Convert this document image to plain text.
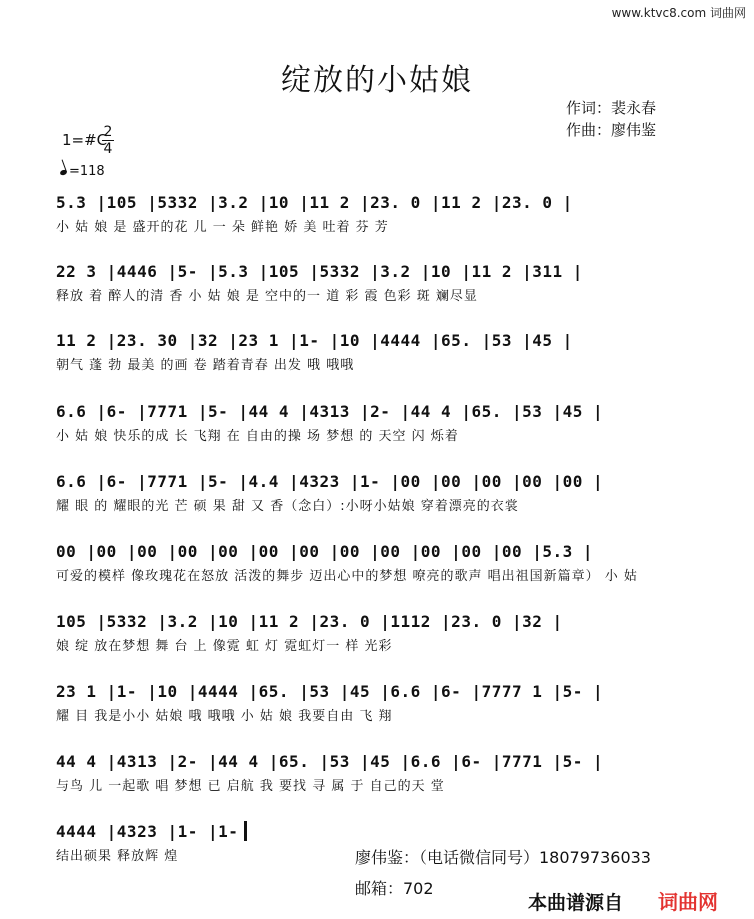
www.ktvc8.com 词曲网
绽放的小姑娘
作词：裴永春
作曲：廖伟鉴
1=#C
$\frac{2}{4}$
=118
5.3 |105 |5332 |3.2 |10 |11 2 |23. 0 |11 2 |23. 0 |
小 姑 娘 是 盛开的花 儿 一 朵 鲜艳 娇 美 吐着 芬 芳
22 3 |4446 |5- |5.3 |105 |5332 |3.2 |10 |11 2 |311 |
释放 着 醉人的清 香 小 姑 娘 是 空中的一 道 彩 霞 色彩 斑 斓尽显
11 2 |23. 30 |32 |23 1 |1- |10 |4444 |65. |53 |45 |
朝气 蓬 勃 最美 的画 卷 踏着青春 出发 哦 哦哦
6.6 |6- |7771 |5- |44 4 |4313 |2- |44 4 |65. |53 |45 |
小 姑 娘 快乐的成 长 飞翔 在 自由的操 场 梦想 的 天空 闪 烁着
6.6 |6- |7771 |5- |4.4 |4323 |1- |00 |00 |00 |00 |00 |
耀 眼 的 耀眼的光 芒 硕 果 甜 又 香（念白）:小呀小姑娘 穿着漂亮的衣裳
00 |00 |00 |00 |00 |00 |00 |00 |00 |00 |00 |00 |5.3 |
可爱的模样 像玫瑰花在怒放 活泼的舞步 迈出心中的梦想 嘹亮的歌声 唱出祖国新篇章） 小 姑
105 |5332 |3.2 |10 |11 2 |23. 0 |1112 |23. 0 |32 |
娘 绽 放在梦想 舞 台 上 像霓 虹 灯 霓虹灯一 样 光彩
23 1 |1- |10 |4444 |65. |53 |45 |6.6 |6- |7777 1 |5- |
耀 目 我是小小 姑娘 哦 哦哦 小 姑 娘 我要自由 飞 翔
44 4 |4313 |2- |44 4 |65. |53 |45 |6.6 |6- |7771 |5- |
与鸟 儿 一起歌 唱 梦想 已 启航 我 要找 寻 属 于 自己的天 堂
4444 |4323 |1- |1-
结出硕果 释放辉 煌	廖伟鉴：（电话微信同号）18079736033
邮箱：702
本曲谱源自 词曲网
